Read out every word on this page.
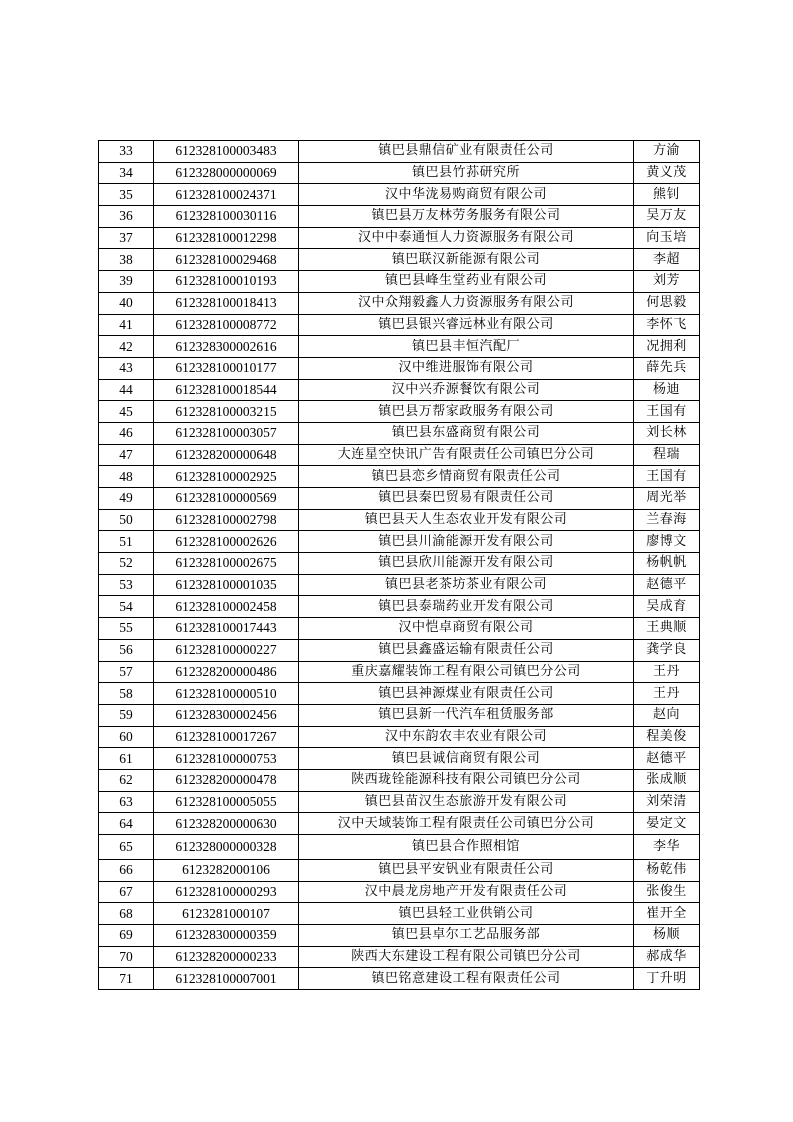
33	612328100003483	镇巴县鼎信矿业有限责任公司	方渝
34	612328000000069	镇巴县竹荪研究所	黄义茂
35	612328100024371	汉中华泷易购商贸有限公司	熊钊
36	612328100030116	镇巴县万友林劳务服务有限公司	吴万友
37	612328100012298	汉中中泰通恒人力资源服务有限公司	向玉培
38	612328100029468	镇巴联汉新能源有限公司	李超
39	612328100010193	镇巴县峰生堂药业有限公司	刘芳
40	612328100018413	汉中众翔毅鑫人力资源服务有限公司	何思毅
41	612328100008772	镇巴县银兴睿远林业有限公司	李怀飞
42	612328300002616	镇巴县丰恒汽配厂	况拥利
43	612328100010177	汉中维进服饰有限公司	薛先兵
44	612328100018544	汉中兴乔源餐饮有限公司	杨迪
45	612328100003215	镇巴县万帮家政服务有限公司	王国有
46	612328100003057	镇巴县东盛商贸有限公司	刘长林
47	612328200000648	大连星空快讯广告有限责任公司镇巴分公司	程瑞
48	612328100002925	镇巴县恋乡情商贸有限责任公司	王国有
49	612328100000569	镇巴县秦巴贸易有限责任公司	周光举
50	612328100002798	镇巴县天人生态农业开发有限公司	兰春海
51	612328100002626	镇巴县川渝能源开发有限公司	廖博文
52	612328100002675	镇巴县欣川能源开发有限公司	杨帆帆
53	612328100001035	镇巴县老茶坊茶业有限公司	赵德平
54	612328100002458	镇巴县泰瑞药业开发有限公司	吴成育
55	612328100017443	汉中恺卓商贸有限公司	王典顺
56	612328100000227	镇巴县鑫盛运输有限责任公司	龚学良
57	612328200000486	重庆嘉耀装饰工程有限公司镇巴分公司	王丹
58	612328100000510	镇巴县神源煤业有限责任公司	王丹
59	612328300002456	镇巴县新一代汽车租赁服务部	赵向
60	612328100017267	汉中东韵农丰农业有限公司	程美俊
61	612328100000753	镇巴县诚信商贸有限公司	赵德平
62	612328200000478	陕西珑铨能源科技有限公司镇巴分公司	张成顺
63	612328100005055	镇巴县苗汉生态旅游开发有限公司	刘荣清
64	612328200000630	汉中天域装饰工程有限责任公司镇巴分公司	晏定文
65	612328000000328	镇巴县合作照相馆	李华
66	6123282000106	镇巴县平安钒业有限责任公司	杨乾伟
67	612328100000293	汉中晨龙房地产开发有限责任公司	张俊生
68	6123281000107	镇巴县轻工业供销公司	崔开全
69	612328300000359	镇巴县卓尔工艺品服务部	杨顺
70	612328200000233	陕西大东建设工程有限公司镇巴分公司	郝成华
71	612328100007001	镇巴铭意建设工程有限责任公司	丁升明
